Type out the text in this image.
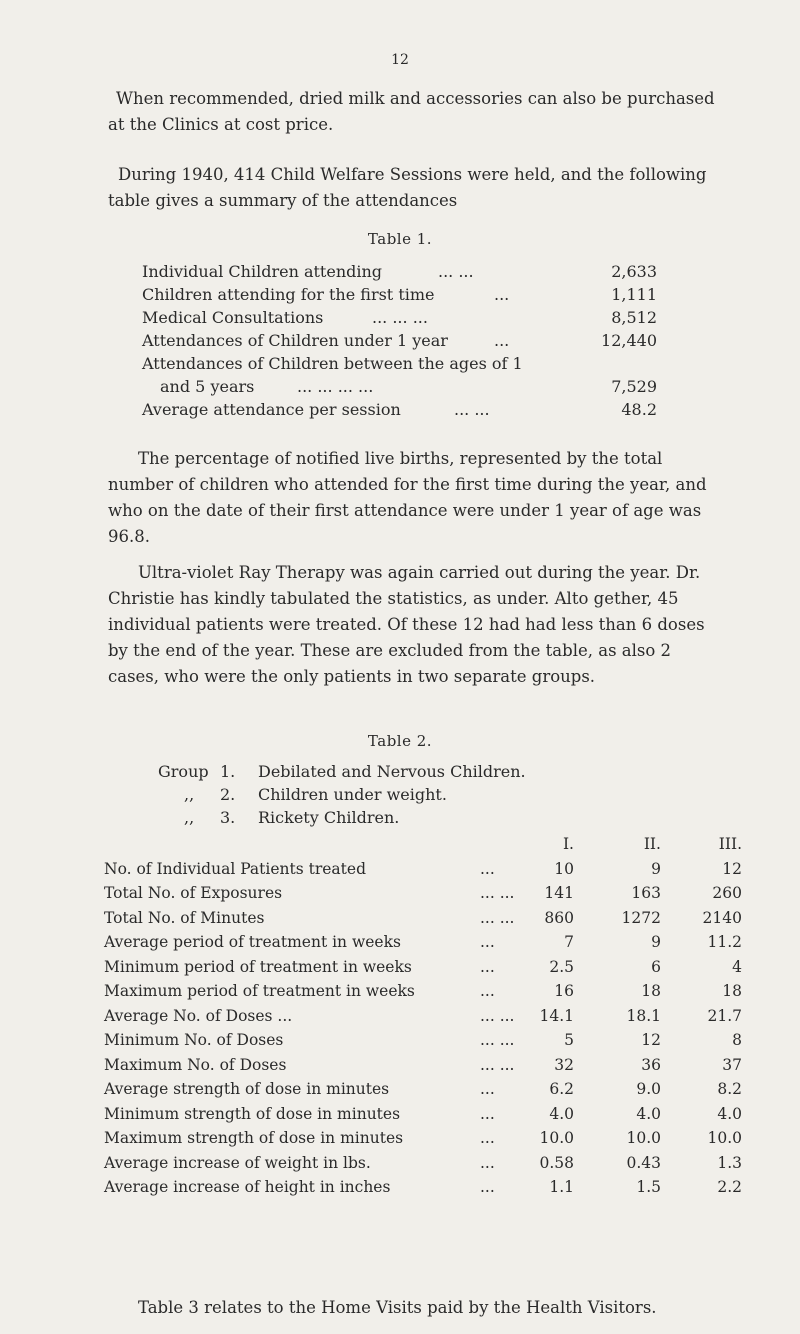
12
When recommended, dried milk and accessories can also be purchased at the Clinics at cost price.
During 1940, 414 Child Welfare Sessions were held, and the following table gives a summary of the attendances
Table 1.
Individual Children attending	... ...	2,633
Children attending for the first time	...	1,111
Medical Consultations	... ... ...	8,512
Attendances of Children under 1 year	...	12,440
Attendances of Children between the ages of 1
and 5 years	... ... ... ...	7,529
Average attendance per session	... ...	48.2
The percentage of notified live births, represented by the total number of children who attended for the first time during the year, and who on the date of their first attendance were under 1 year of age was 96.8.
Ultra-violet Ray Therapy was again carried out during the year. Dr. Christie has kindly tabulated the statistics, as under. Alto gether, 45 individual patients were treated. Of these 12 had had less than 6 doses by the end of the year. These are excluded from the table, as also 2 cases, who were the only patients in two separate groups.
Table 2.
Group 1. Debilated and Nervous Children.
,, 2. Children under weight.
,, 3. Rickety Children.
I.	II.	III.
No. of Individual Patients treated	...	10	9	12
Total No. of Exposures	... ...	141	163	260
Total No. of Minutes	... ...	860	1272	2140
Average period of treatment in weeks	...	7	9	11.2
Minimum period of treatment in weeks	...	2.5	6	4
Maximum period of treatment in weeks	...	16	18	18
Average No. of Doses ...	... ...	14.1	18.1	21.7
Minimum No. of Doses	... ...	5	12	8
Maximum No. of Doses	... ...	32	36	37
Average strength of dose in minutes	...	6.2	9.0	8.2
Minimum strength of dose in minutes	...	4.0	4.0	4.0
Maximum strength of dose in minutes	...	10.0	10.0	10.0
Average increase of weight in lbs.	...	0.58	0.43	1.3
Average increase of height in inches	...	1.1	1.5	2.2
Table 3 relates to the Home Visits paid by the Health Visitors.
